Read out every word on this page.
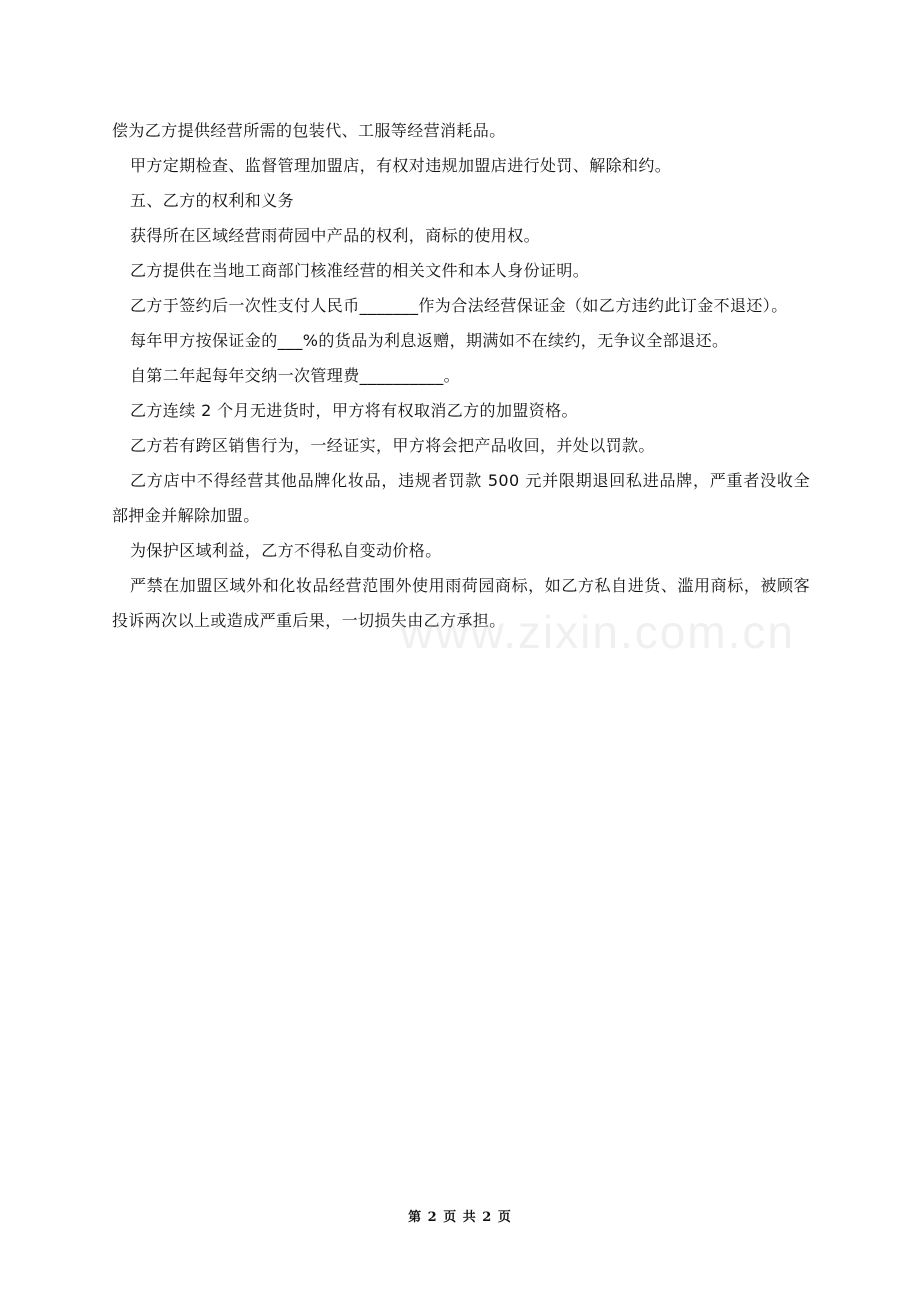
偿为乙方提供经营所需的包装代、工服等经营消耗品。

甲方定期检查、监督管理加盟店，有权对违规加盟店进行处罚、解除和约。

五、乙方的权利和义务

获得所在区域经营雨荷园中产品的权利，商标的使用权。

乙方提供在当地工商部门核准经营的相关文件和本人身份证明。

乙方于签约后一次性支付人民币_______作为合法经营保证金（如乙方违约此订金不退还）。

每年甲方按保证金的___%的货品为利息返赠，期满如不在续约，无争议全部退还。

自第二年起每年交纳一次管理费__________。

乙方连续 2 个月无进货时，甲方将有权取消乙方的加盟资格。

乙方若有跨区销售行为，一经证实，甲方将会把产品收回，并处以罚款。

乙方店中不得经营其他品牌化妆品，违规者罚款 500 元并限期退回私进品牌，严重者没收全部押金并解除加盟。

为保护区域利益，乙方不得私自变动价格。

严禁在加盟区域外和化妆品经营范围外使用雨荷园商标，如乙方私自进货、滥用商标，被顾客投诉两次以上或造成严重后果，一切损失由乙方承担。

www.zixin.com.cn
第 2 页 共 2 页
